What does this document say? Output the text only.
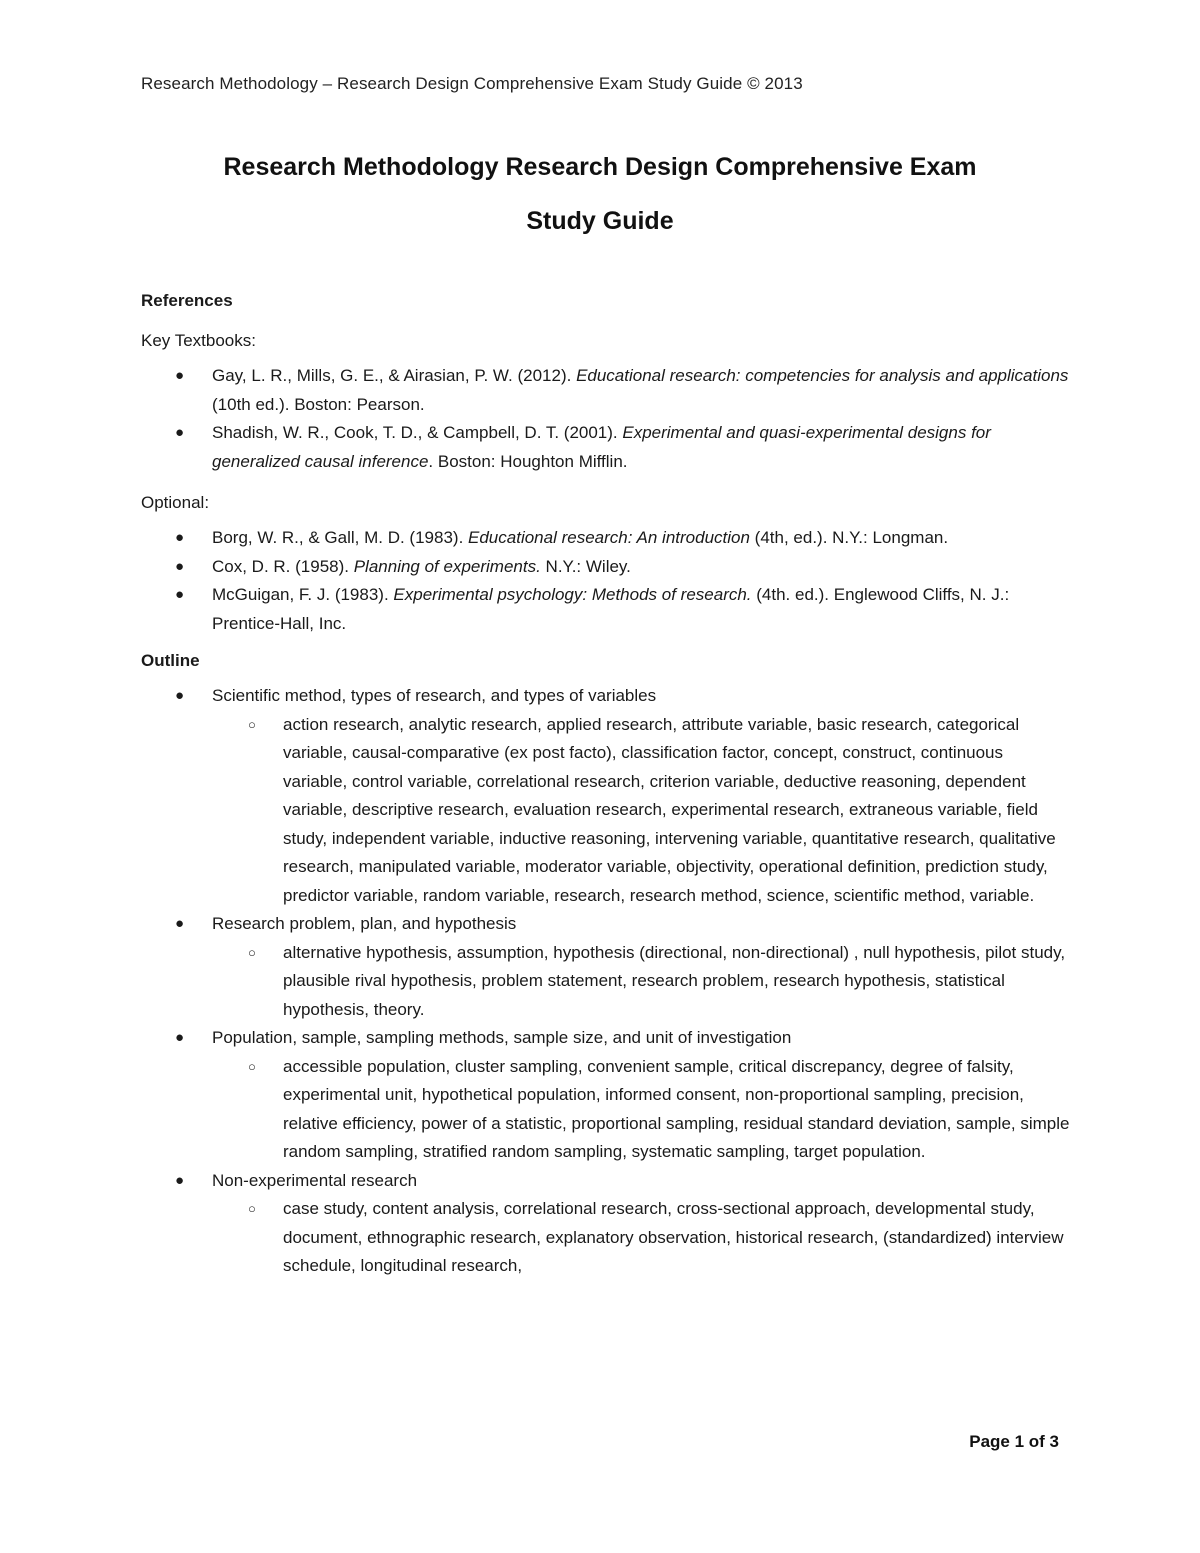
Research Methodology – Research Design Comprehensive Exam Study Guide © 2013
Research Methodology Research Design Comprehensive Exam
Study Guide
References
Key Textbooks:
● Gay, L. R., Mills, G. E., & Airasian, P. W. (2012). Educational research: competencies for analysis and applications (10th ed.). Boston: Pearson.
● Shadish, W. R., Cook, T. D., & Campbell, D. T. (2001). Experimental and quasi-experimental designs for generalized causal inference. Boston: Houghton Mifflin.
Optional:
● Borg, W. R., & Gall, M. D. (1983). Educational research: An introduction (4th, ed.). N.Y.: Longman.
● Cox, D. R. (1958). Planning of experiments. N.Y.: Wiley.
● McGuigan, F. J. (1983). Experimental psychology: Methods of research. (4th. ed.). Englewood Cliffs, N. J.: Prentice-Hall, Inc.
Outline
● Scientific method, types of research, and types of variables
○ action research, analytic research, applied research, attribute variable, basic research, categorical variable, causal-comparative (ex post facto), classification factor, concept, construct, continuous variable, control variable, correlational research, criterion variable, deductive reasoning, dependent variable, descriptive research, evaluation research, experimental research, extraneous variable, field study, independent variable, inductive reasoning, intervening variable, quantitative research, qualitative research, manipulated variable, moderator variable, objectivity, operational definition, prediction study, predictor variable, random variable, research, research method, science, scientific method, variable.
● Research problem, plan, and hypothesis
○ alternative hypothesis, assumption, hypothesis (directional, non-directional) , null hypothesis, pilot study, plausible rival hypothesis, problem statement, research problem, research hypothesis, statistical hypothesis, theory.
● Population, sample, sampling methods, sample size, and unit of investigation
○ accessible population, cluster sampling, convenient sample, critical discrepancy, degree of falsity, experimental unit, hypothetical population, informed consent, non-proportional sampling, precision, relative efficiency, power of a statistic, proportional sampling, residual standard deviation, sample, simple random sampling, stratified random sampling, systematic sampling, target population.
● Non-experimental research
○ case study, content analysis, correlational research, cross-sectional approach, developmental study, document, ethnographic research, explanatory observation, historical research, (standardized) interview schedule, longitudinal research,
Page 1 of 3
